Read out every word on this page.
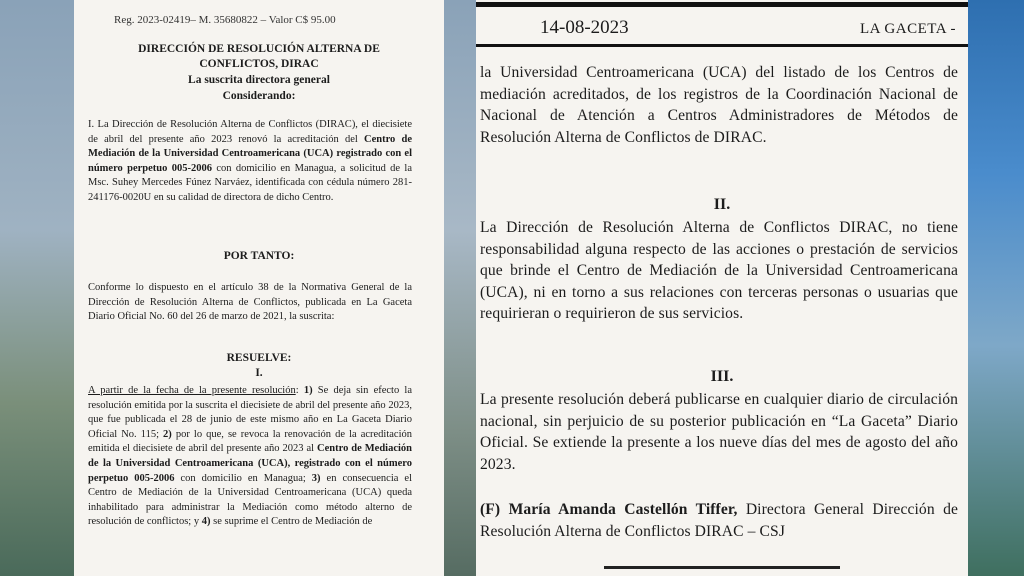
Reg. 2023-02419– M. 35680822 – Valor C$ 95.00
DIRECCIÓN DE RESOLUCIÓN ALTERNA DE
CONFLICTOS, DIRAC
La suscrita directora general
Considerando:

I. La Dirección de Resolución Alterna de Conflictos (DIRAC), el diecisiete de abril del presente año 2023 renovó la acreditación del Centro de Mediación de la Universidad Centroamericana (UCA) registrado con el número perpetuo 005-2006 con domicilio en Managua, a solicitud de la Msc. Suhey Mercedes Fúnez Narváez, identificada con cédula número 281-241176-0020U en su calidad de directora de dicho Centro.

POR TANTO:

Conforme lo dispuesto en el artículo 38 de la Normativa General de la Dirección de Resolución Alterna de Conflictos, publicada en La Gaceta Diario Oficial No. 60 del 26 de marzo de 2021, la suscrita:

RESUELVE:
I.

A partir de la fecha de la presente resolución: 1) Se deja sin efecto la resolución emitida por la suscrita el diecisiete de abril del presente año 2023, que fue publicada el 28 de junio de este mismo año en La Gaceta Diario Oficial No. 115; 2) por lo que, se revoca la renovación de la acreditación emitida el diecisiete de abril del presente año 2023 al Centro de Mediación de la Universidad Centroamericana (UCA), registrado con el número perpetuo 005-2006 con domicilio en Managua; 3) en consecuencia el Centro de Mediación de la Universidad Centroamericana (UCA) queda inhabilitado para administrar la Mediación como método alterno de resolución de conflictos; y 4) se suprime el Centro de Mediación de

14-08-2023	LA GACETA -

la Universidad Centroamericana (UCA) del listado de los Centros de mediación acreditados, de los registros de la Coordinación Nacional de Nacional de Atención a Centros Administradores de Métodos de Resolución Alterna de Conflictos de DIRAC.

II.

La Dirección de Resolución Alterna de Conflictos DIRAC, no tiene responsabilidad alguna respecto de las acciones o prestación de servicios que brinde el Centro de Mediación de la Universidad Centroamericana (UCA), ni en torno a sus relaciones con terceras personas o usuarias que requirieran o requirieron de sus servicios.

III.

La presente resolución deberá publicarse en cualquier diario de circulación nacional, sin perjuicio de su posterior publicación en “La Gaceta” Diario Oficial. Se extiende la presente a los nueve días del mes de agosto del año 2023.

(F) María Amanda Castellón Tiffer, Directora General Dirección de Resolución Alterna de Conflictos DIRAC – CSJ
